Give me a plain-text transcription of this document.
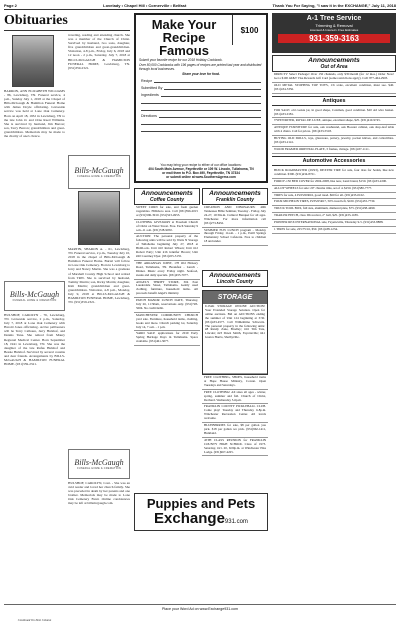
Page 2	Lovelady • Chapel Hill • Cornerville • Belfast	Thank You For Saying, "I saw it in the EXCHANGE," July 11, 2018
Obituaries
BARRON, ANN ELIZABETH WILLIAMS - 86, Lewisburg, TN. Funeral service, 4 p.m., Sunday July 1, 2018 at the Chapel of Bills-McGaugh & Hamilton Funeral Home with James Doyle officiating. Graveside service was held at Lone Oak Cemetery. Born on April 18, 1932 in Lewisburg, TN to the late John O. and Orna Reed Williams. She is survived by husband, Jim Barron; son, Terry Barron; grandchildren and great-grandchildren. Memorials may be made to the charity of one's choice.
Bills-McGaugh
FUNERAL HOME & CREMATION
HULSHOF, CAROLYN - 76, Lewisburg, TN. Graveside service, 2 p.m., Saturday, July 7, 2018 at Lone Oak Cemetery with Harold Jones officiating. Active pallbearers will be Terry Calhoun, Jerry Hulshof, and Dennis Tune. She retired from Maury Regional Medical Center. Born September 18, 1941 in Lewisburg, TN. She was the daughter of the late Rufus Hulshof and Bessie Hulshof. Survived by several cousins and dear friends. Arrangements by BILLS-McGAUGH & HAMILTON FUNERAL HOME. (931)359-2321.
Continued On Next Column
traveling, reading and attending church. She was a member of the Church of Christ. Survived by husband, two sons, daughter, five grandchildren and great-grandchildren. Visitation, 4-8 p.m., Friday, July 6, 2018 and 12 noon - 2 p.m., Saturday, July 7, 2018 at BILLS-McGAUGH & HAMILTON FUNERAL HOME, Lewisburg, TN. (931)359-2321.
Bills-McGaugh
FUNERAL HOME & CREMATION
MARTIN, SHARON A. - 61, Lewisburg, TN. Funeral service, 2 p.m., Tuesday July 10, 2018 in the chapel of Bills-McGaugh & Hamilton Funeral Home. Burial will follow in Lone Oak Cemetery. Born in Lewisburg to Jerry and Nancy Martin. She was a graduate of Marshall County High School and retired from TRW. She is survived by husband, Tommy Martin; son, Ricky Martin; daughter, Kim Martin; grandchildren and great-grandchildren. Visitation, 4-8 p.m., Monday, July 9, 2018 at BILLS-McGAUGH & HAMILTON FUNERAL HOME, Lewisburg, TN. (931)359-2321.
Bills-McGaugh
FUNERAL HOME & CREMATION
HULSHOF, CAROLYN, Cont. - She was an avid reader and loved her church family. She was preceded in death by her parents and one brother. Memorials may be made to Lone Oak Cemetery Fund. Online condolences may be left at billsmcgaugh.com.
Make Your
Recipe Famous
$100
Submit your favorite recipe for our 2018 Holiday Cookbook.
Over 80,000 Cookbooks with 196 pages of recipes are printed last year and distributed through local businesses.
Share your love for food.
Recipe
Submitted By
Ingredients
Directions
You may bring your recipe to either of our office locations:
404 South Main Avenue, Fayetteville or 109 W. Lincoln, Tullahoma, TN
or mail them to P.O. Box 490, Fayetteville, TN 37334
or submit online at www.SouthernAgemx.com
Announcements
Coffee County
SWEET CORN for sale, and fresh garden vegetables. Hillsboro area. Call (931)596-2015 or (931)596-3910. (931)523-4953.
CLOTHING GIVEAWAY at Freedom Church of Christ on Water Street. Free. Each Saturday 9 a.m.-11 a.m. (931)728-9050.
AUCTION: The personal property of the following units will be sold by Watts N Storage of Tullahoma beginning July 27, 2018 at Bid2Lock. Unit #10 Robert Wilson; Unit #12 Robert Patty; Unit #16 Jennifer Brown; Unit #20 Courtney Dyer. (931)455-3155.
THE ARKANSAS JOINT, 178 Old Hickory Road, Tullahoma, TN. Breakfast - Lunch - Dinner. Music every Friday night. Seafood, steaks and daily specials. (931)455-7077.
ANGEL'S THRIFT STORE, 304 East Lauderdale Street, Tullahoma. Gently used clothing, furniture, household items. All proceeds benefit Angel's ministry.
PATCH MANOR LUNCH DATE, Thursday, July 26, 11:30am, reservations only. (931)728-5004. No credit/debit.
MANCHESTER COMMUNITY CHURCH yard sale. Furniture, household items, clothing, books and more. Church parking lot, Saturday July 14, 7 a.m. - 1 p.m.
YARD SALE applications for 2019 Early Spring Heritage Days in Tullahoma. Space available. (931)461-3077.
Announcements
Franklin County
CREATION AND DINOSAURS: 40th Tennessee Bible Seminar, Tuesday - Friday, July 24-27, 10:30a.m. Cultural Banquet for all ages. Winchester. For more information call (931)273-8432.
SUMMER FUN LUNCH program - Monday through Friday, 11a.m. - 1 p.m., Estill Springs Elementary School Cafeteria. Free to children 18 and under.
Announcements
Lincoln County
STORAGE
U-PAK STORAGE ONLINE AUCTION! Your Extended Storage Solution. Open for online auctions. Bid on AUCTIONS ending the summer of Unit 124 beginning at 3:30. (931)433-4577. Call Wilhelmina Schwartz. The personal property in the following units: #8 Randy Zane, Bradley; #16 Tim Tate, Lincoln; #23 Dawn Smith, Fayetteville; #41 Jessica Harris, Shelbyville.
FREE CLOTHING, SHOES, household items at Hope House Ministry, Cowan. Open Tuesdays and Saturdays.
FREE CLOTHING! All sizes all ages - winter, spring, summer and fall. Church of Christ, Decherd. Wednesday 5-6p.m.
FRANKLIN COUNTY PICKLEBALL CLUB. Come play! Tuesday and Thursday 6-8p.m. Winchester Recreation Center. All levels welcome.
BLUEBERRIES for sale, $8 per gallon you pick. $18 per gallon we pick. (931)962-1411, Huntland.
45TH CLASS REUNION for FRANKLIN COUNTY HIGH SCHOOL Class of 1973. Saturday, Oct. 20, 6:00p.m. at Winchester Elks Lodge. (931)967-4225.
Puppies and Pets
Exchange931.com
A-1 Tree Service
Trimming & Removal
Licensed & Insured • Free Estimates
931-359-3163
Announcements
Out of Area
DIRECTV Select Package! Over 150 channels, only $35/month (for 12 mos.) Order Now! Get a $100 AT&T Visa Rewards Gift Card (some restrictions apply). Call: 877-464-2903.
OLD METAL STOPPING TOP TOYS, 1/6 scale, excellent condition, must see. $40. (931)434-3356.
Antiques
FOR SALE: old cookie jar, in good shape, Coleman, good condition. $20 old wire basket. (931)433-0181.
TYPEWRITER, ROYAL DE LUXE, antique, excellent shape, $25. (931)410-9745.
ANTIQUE FURNITURE for sale, oak washstand, oak Hoosier cabinet, oak drop-leaf table with 4 chairs. Call for prices. (931)433-5518.
BUYING OLD DOLLS, toys, glassware, pottery, jewelry, pocket knives, and collectibles. (931)433-2141.
WOOD FRAMED ORIENTAL PLATE, 3 frames, vintage. (931)437-1111.
Automotive Accessories
BUICK ROADMASTER (29/93), DEXTER TIRE for sale, four tires for Sedan, like new condition. $300. (931)434-8721.
FORD F-150 BED COVER for 2004-2008, like new, Lund brand, $150. (931)433-2200.
ALLOY WHEELS for sale: 20" chrome rims, set of 4. $250. (931)580-7777.
TIRES for sale, 4 P225/60R16, good tread. $60 for all. (931)433-0102.
FOUR MICHELIN TIRES, P235/65R17, 50% tread left, $100. (931)433-7730.
TRUCK TOOL BOX, full size, aluminum, diamond plate, $75. (931)438-4499.
TRAILER HITCH, class III receiver, 2" ball, $25. (931)433-1189.
PIONEER REX INTERNATIONAL sale, Fayetteville, Thursday 9-5. (931)433-8888.
1 TIRES for sale, 225/75/16, $50. (931)438-1234.
Place your Word Ad on www.Exchange931.com
